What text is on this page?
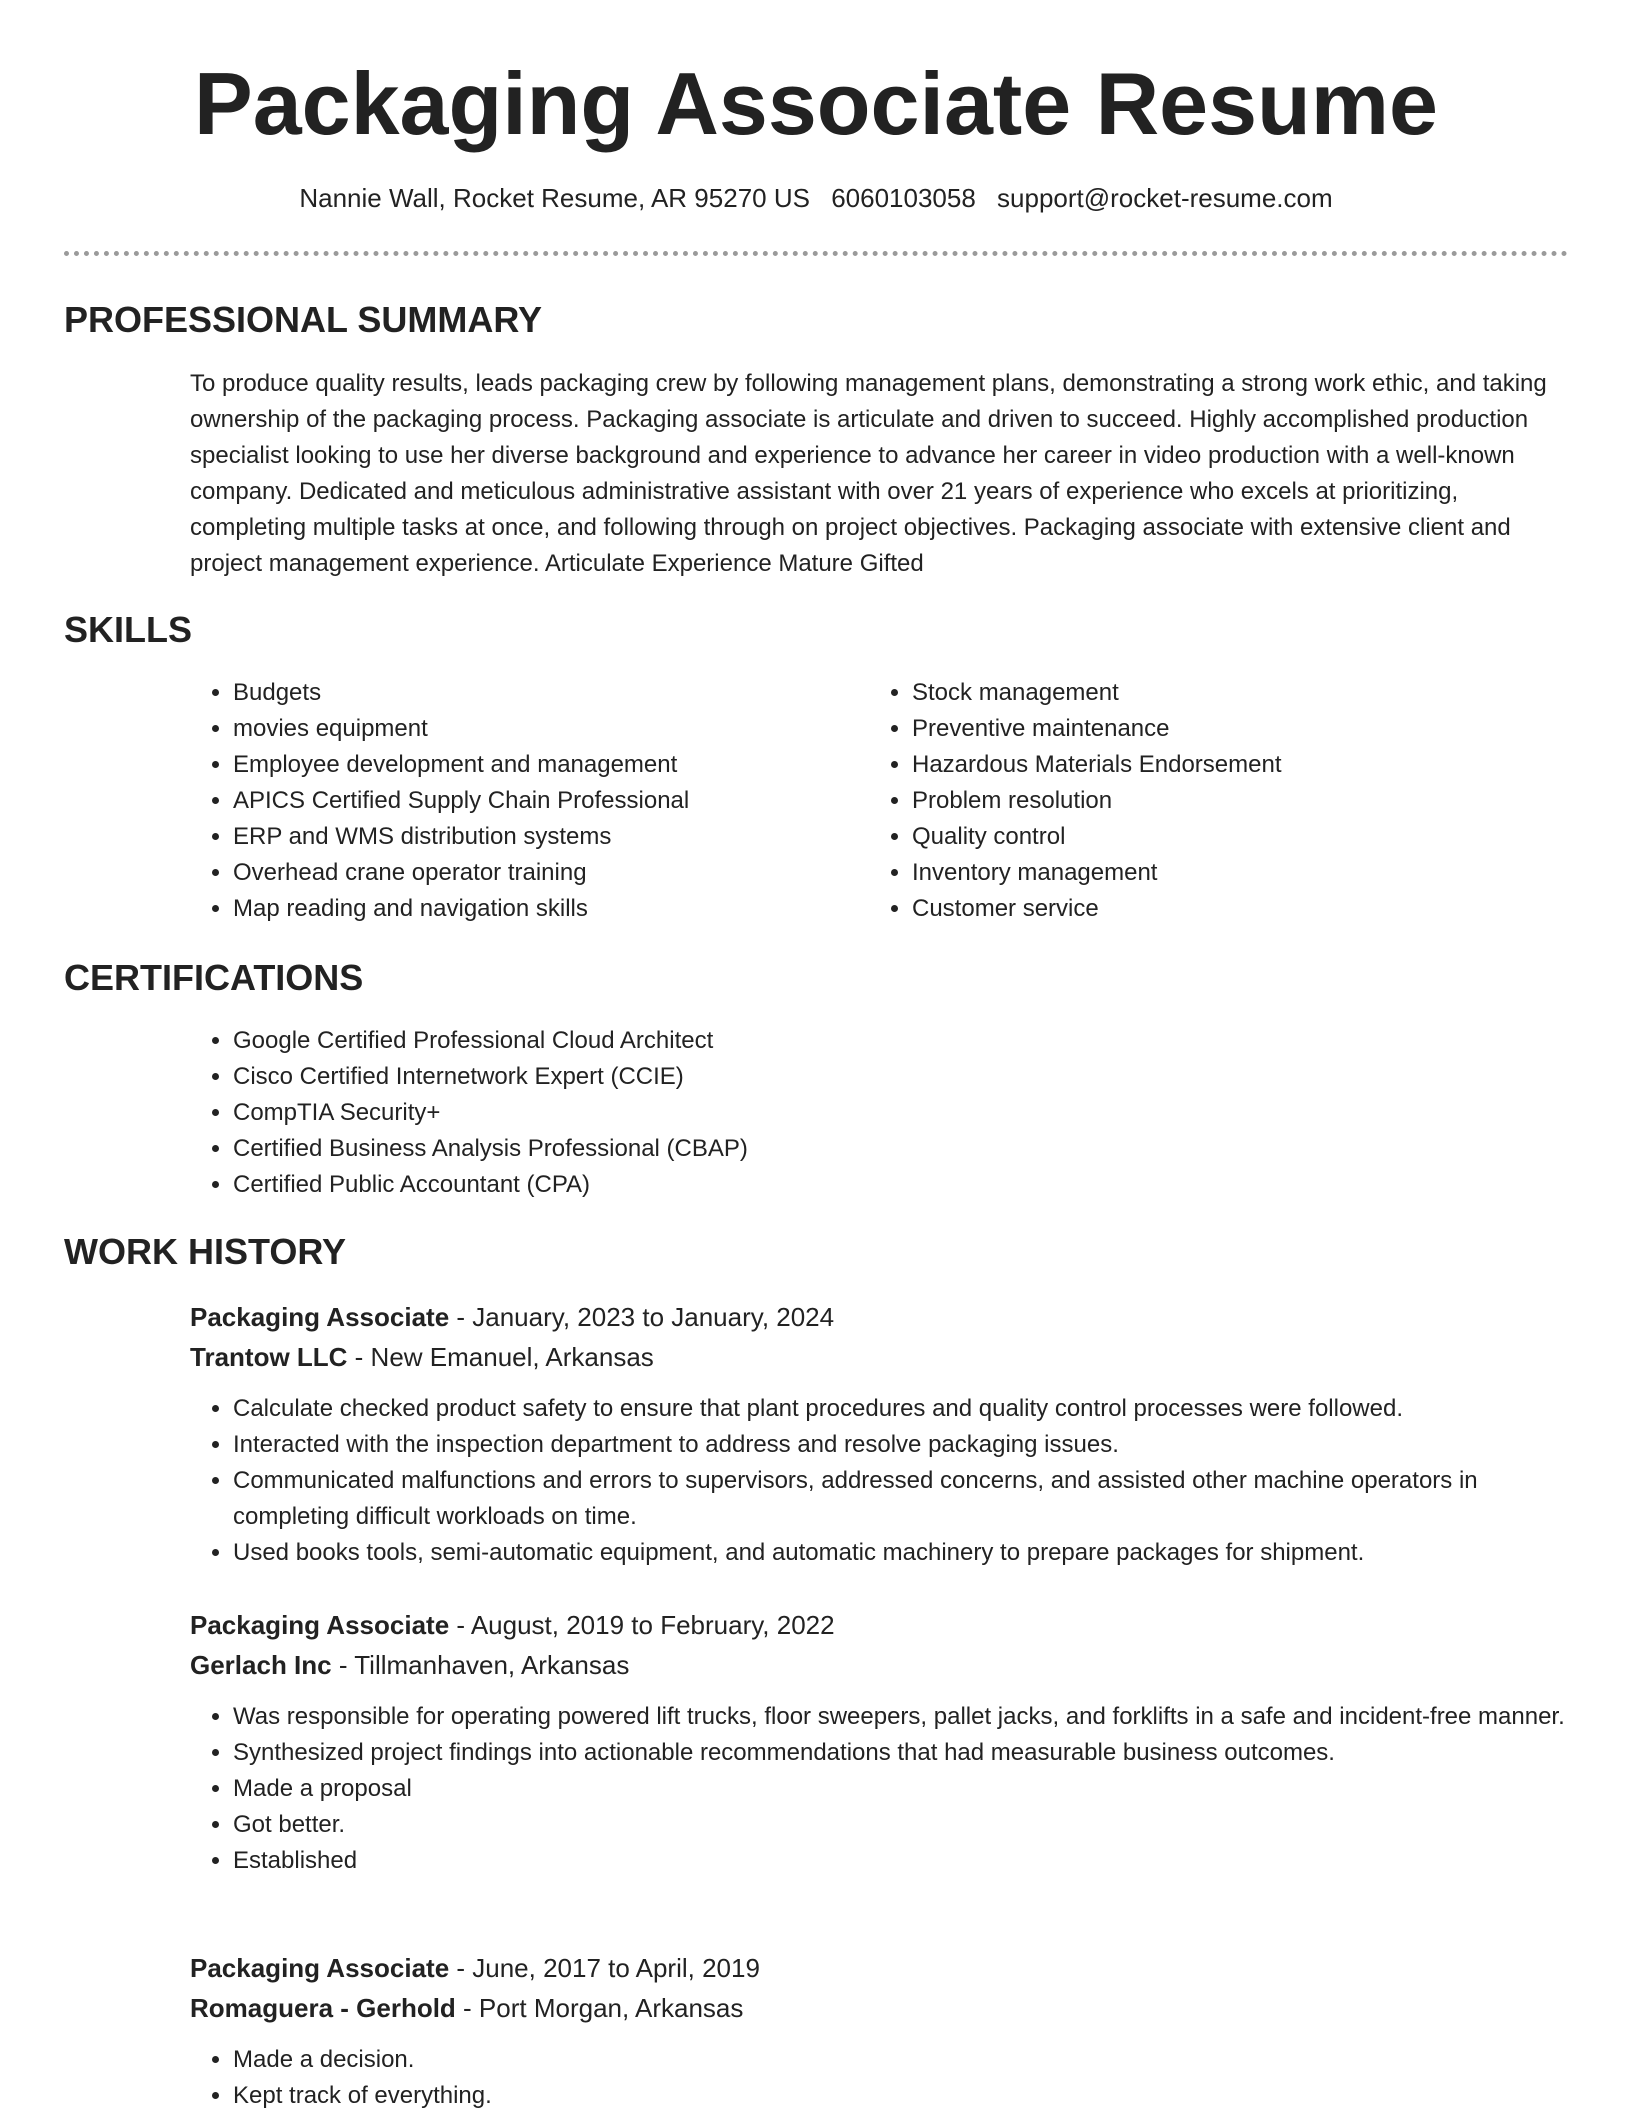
Packaging Associate Resume
Nannie Wall, Rocket Resume, AR 95270 US 6060103058 support@rocket-resume.com
PROFESSIONAL SUMMARY

To produce quality results, leads packaging crew by following management plans, demonstrating a strong work ethic, and taking ownership of the packaging process. Packaging associate is articulate and driven to succeed. Highly accomplished production specialist looking to use her diverse background and experience to advance her career in video production with a well-known company. Dedicated and meticulous administrative assistant with over 21 years of experience who excels at prioritizing, completing multiple tasks at once, and following through on project objectives. Packaging associate with extensive client and project management experience. Articulate Experience Mature Gifted

SKILLS
• Budgets
• movies equipment
• Employee development and management
• APICS Certified Supply Chain Professional
• ERP and WMS distribution systems
• Overhead crane operator training
• Map reading and navigation skills
• Stock management
• Preventive maintenance
• Hazardous Materials Endorsement
• Problem resolution
• Quality control
• Inventory management
• Customer service
CERTIFICATIONS
• Google Certified Professional Cloud Architect
• Cisco Certified Internetwork Expert (CCIE)
• CompTIA Security+
• Certified Business Analysis Professional (CBAP)
• Certified Public Accountant (CPA)
WORK HISTORY
Packaging Associate - January, 2023 to January, 2024
Trantow LLC - New Emanuel, Arkansas
• Calculate checked product safety to ensure that plant procedures and quality control processes were followed.
• Interacted with the inspection department to address and resolve packaging issues.
• Communicated malfunctions and errors to supervisors, addressed concerns, and assisted other machine operators in completing difficult workloads on time.
• Used books tools, semi-automatic equipment, and automatic machinery to prepare packages for shipment.
Packaging Associate - August, 2019 to February, 2022
Gerlach Inc - Tillmanhaven, Arkansas
• Was responsible for operating powered lift trucks, floor sweepers, pallet jacks, and forklifts in a safe and incident-free manner.
• Synthesized project findings into actionable recommendations that had measurable business outcomes.
• Made a proposal
• Got better.
• Established
Packaging Associate - June, 2017 to April, 2019
Romaguera - Gerhold - Port Morgan, Arkansas
• Made a decision.
• Kept track of everything.
